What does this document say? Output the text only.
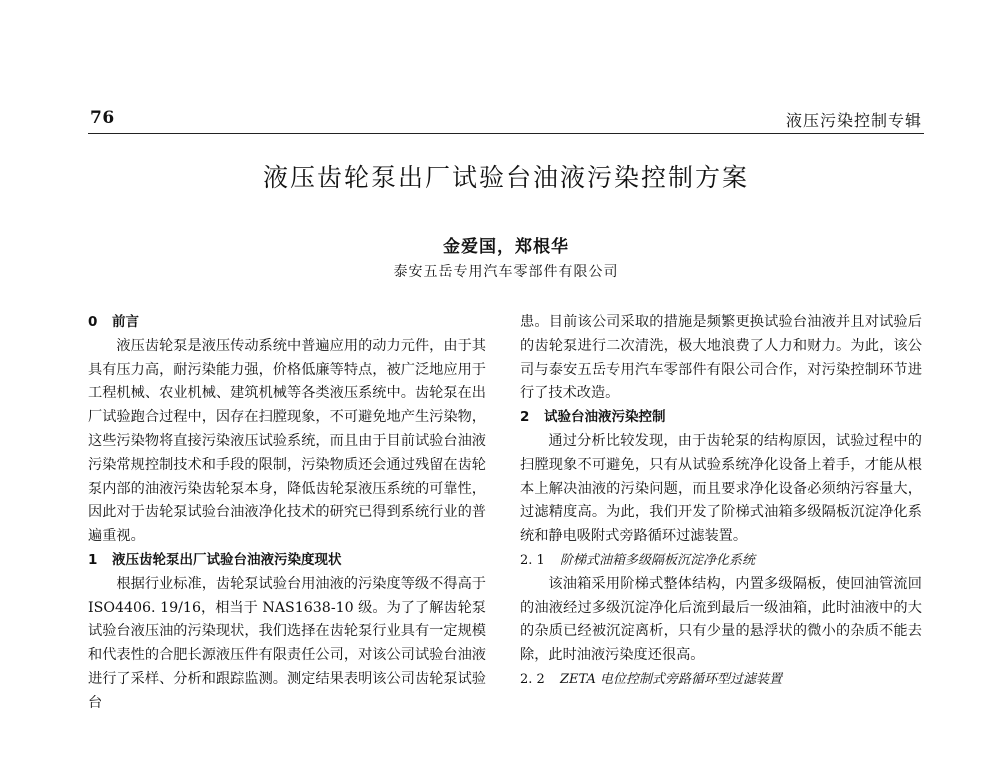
76	液压污染控制专辑
液压齿轮泵出厂试验台油液污染控制方案
金爱国，郑根华
泰安五岳专用汽车零部件有限公司
0 前言

液压齿轮泵是液压传动系统中普遍应用的动力元件，由于其具有压力高，耐污染能力强，价格低廉等特点，被广泛地应用于工程机械、农业机械、建筑机械等各类液压系统中。齿轮泵在出厂试验跑合过程中，因存在扫膛现象，不可避免地产生污染物，这些污染物将直接污染液压试验系统，而且由于目前试验台油液污染常规控制技术和手段的限制，污染物质还会通过残留在齿轮泵内部的油液污染齿轮泵本身，降低齿轮泵液压系统的可靠性，因此对于齿轮泵试验台油液净化技术的研究已得到系统行业的普遍重视。

1 液压齿轮泵出厂试验台油液污染度现状

根据行业标准，齿轮泵试验台用油液的污染度等级不得高于 ISO4406. 19/16，相当于 NAS1638-10 级。为了了解齿轮泵试验台液压油的污染现状，我们选择在齿轮泵行业具有一定规模和代表性的合肥长源液压件有限责任公司，对该公司试验台油液进行了采样、分析和跟踪监测。测定结果表明该公司齿轮泵试验台

患。目前该公司采取的措施是频繁更换试验台油液并且对试验后的齿轮泵进行二次清洗，极大地浪费了人力和财力。为此，该公司与泰安五岳专用汽车零部件有限公司合作，对污染控制环节进行了技术改造。

2 试验台油液污染控制

通过分析比较发现，由于齿轮泵的结构原因，试验过程中的扫膛现象不可避免，只有从试验系统净化设备上着手，才能从根本上解决油液的污染问题，而且要求净化设备必须纳污容量大，过滤精度高。为此，我们开发了阶梯式油箱多级隔板沉淀净化系统和静电吸附式旁路循环过滤装置。

2. 1 阶梯式油箱多级隔板沉淀净化系统

该油箱采用阶梯式整体结构，内置多级隔板，使回油管流回的油液经过多级沉淀净化后流到最后一级油箱，此时油液中的大的杂质已经被沉淀离析，只有少量的悬浮状的微小的杂质不能去除，此时油液污染度还很高。

2. 2 ZETA 电位控制式旁路循环型过滤装置
